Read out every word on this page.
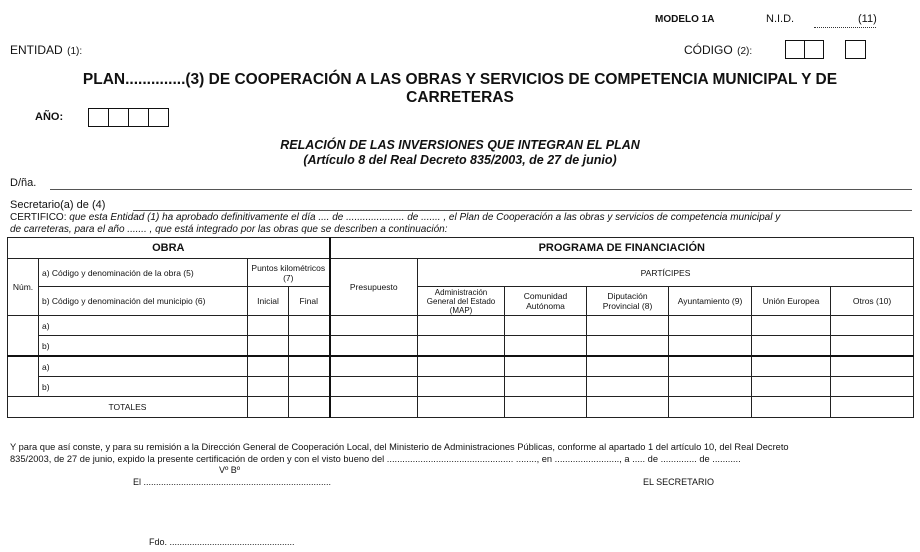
MODELO 1A	N.I.D.	(11)
ENTIDAD (1):	CÓDIGO (2):
PLAN..............(3) DE COOPERACIÓN A LAS OBRAS Y SERVICIOS DE COMPETENCIA MUNICIPAL Y DE
CARRETERAS
AÑO:
RELACIÓN DE LAS INVERSIONES QUE INTEGRAN EL PLAN
(Artículo 8 del Real Decreto 835/2003, de 27 de junio)
D/ña.
Secretario(a) de (4)
CERTIFICO: que esta Entidad (1) ha aprobado definitivamente el día .... de ..................... de ....... , el Plan de Cooperación a las obras y servicios de competencia municipal y
de carreteras, para el año ....... , que está integrado por las obras que se describen a continuación:
OBRA				PROGRAMA DE FINANCIACIÓN						
Núm.	a) Código y denominación de la obra (5)	Puntos kilométricos (7)		Presupuesto	PARTÍCIPES					
	b) Código y denominación del municipio (6)	Inicial	Final		Administración General del Estado (MAP)	Comunidad Autónoma	Diputación Provincial (8)	Ayuntamiento (9)	Unión Europea	Otros (10)
	a)									
	b)									
	a)									
	b)									
TOTALES										
Y para que así conste, y para su remisión a la Dirección General de Cooperación Local, del Ministerio de Administraciones Públicas, conforme al apartado 1 del artículo 10, del Real Decreto
835/2003, de 27 de junio, expido la presente certificación de orden y con el visto bueno del ................................................. ........, en ........................., a ..... de .............. de ...........
Vº Bº
El ...........................................................................	EL SECRETARIO
Fdo. ..................................................
